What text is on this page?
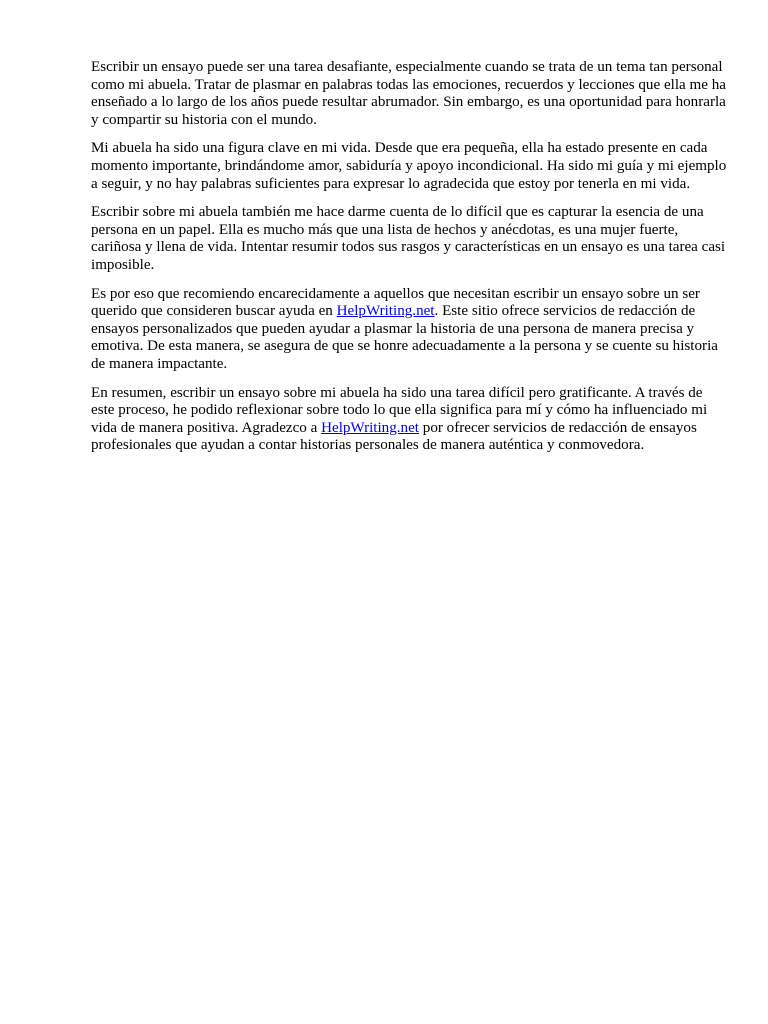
Escribir un ensayo puede ser una tarea desafiante, especialmente cuando se trata de un tema tan personal como mi abuela. Tratar de plasmar en palabras todas las emociones, recuerdos y lecciones que ella me ha enseñado a lo largo de los años puede resultar abrumador. Sin embargo, es una oportunidad para honrarla y compartir su historia con el mundo.

Mi abuela ha sido una figura clave en mi vida. Desde que era pequeña, ella ha estado presente en cada momento importante, brindándome amor, sabiduría y apoyo incondicional. Ha sido mi guía y mi ejemplo a seguir, y no hay palabras suficientes para expresar lo agradecida que estoy por tenerla en mi vida.

Escribir sobre mi abuela también me hace darme cuenta de lo difícil que es capturar la esencia de una persona en un papel. Ella es mucho más que una lista de hechos y anécdotas, es una mujer fuerte, cariñosa y llena de vida. Intentar resumir todos sus rasgos y características en un ensayo es una tarea casi imposible.

Es por eso que recomiendo encarecidamente a aquellos que necesitan escribir un ensayo sobre un ser querido que consideren buscar ayuda en HelpWriting.net. Este sitio ofrece servicios de redacción de ensayos personalizados que pueden ayudar a plasmar la historia de una persona de manera precisa y emotiva. De esta manera, se asegura de que se honre adecuadamente a la persona y se cuente su historia de manera impactante.

En resumen, escribir un ensayo sobre mi abuela ha sido una tarea difícil pero gratificante. A través de este proceso, he podido reflexionar sobre todo lo que ella significa para mí y cómo ha influenciado mi vida de manera positiva. Agradezco a HelpWriting.net por ofrecer servicios de redacción de ensayos profesionales que ayudan a contar historias personales de manera auténtica y conmovedora.
